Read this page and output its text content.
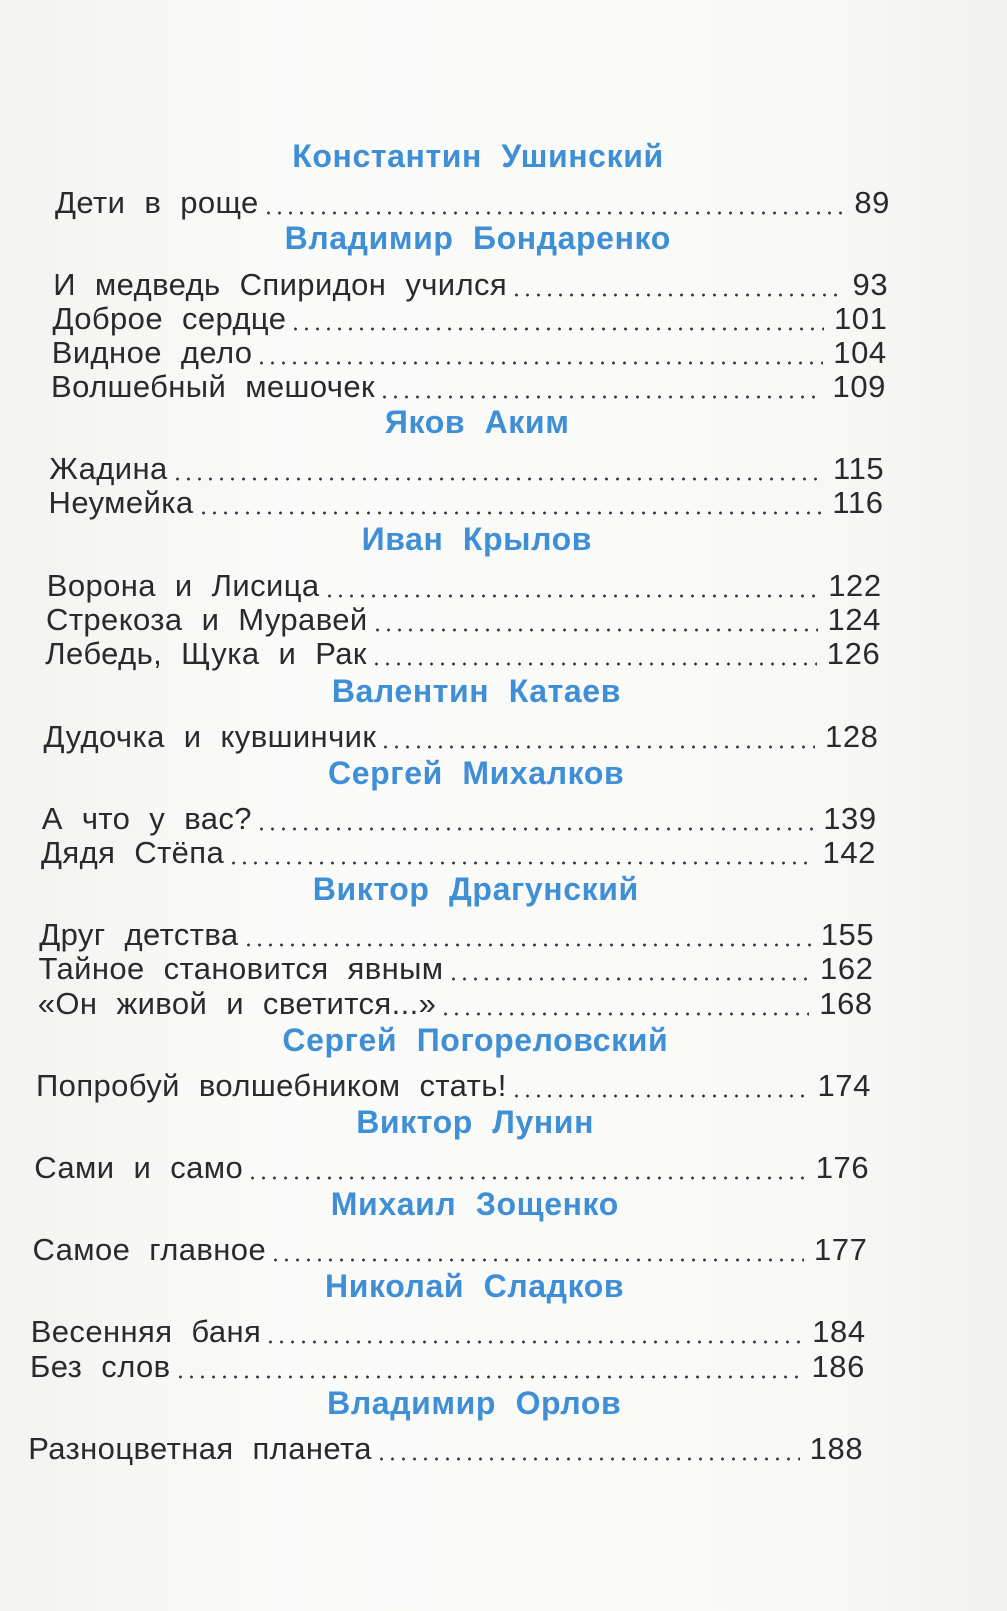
Константин Ушинский
Дети в роще	89
Владимир Бондаренко
И медведь Спиридон учился	93
Доброе сердце	101
Видное дело	104
Волшебный мешочек	109
Яков Аким
Жадина	115
Неумейка	116
Иван Крылов
Ворона и Лисица	122
Стрекоза и Муравей	124
Лебедь, Щука и Рак	126
Валентин Катаев
Дудочка и кувшинчик	128
Сергей Михалков
А что у вас?	139
Дядя Стёпа	142
Виктор Драгунский
Друг детства	155
Тайное становится явным	162
«Он живой и светится...»	168
Сергей Погореловский
Попробуй волшебником стать!	174
Виктор Лунин
Сами и само	176
Михаил Зощенко
Самое главное	177
Николай Сладков
Весенняя баня	184
Без слов	186
Владимир Орлов
Разноцветная планета	188
